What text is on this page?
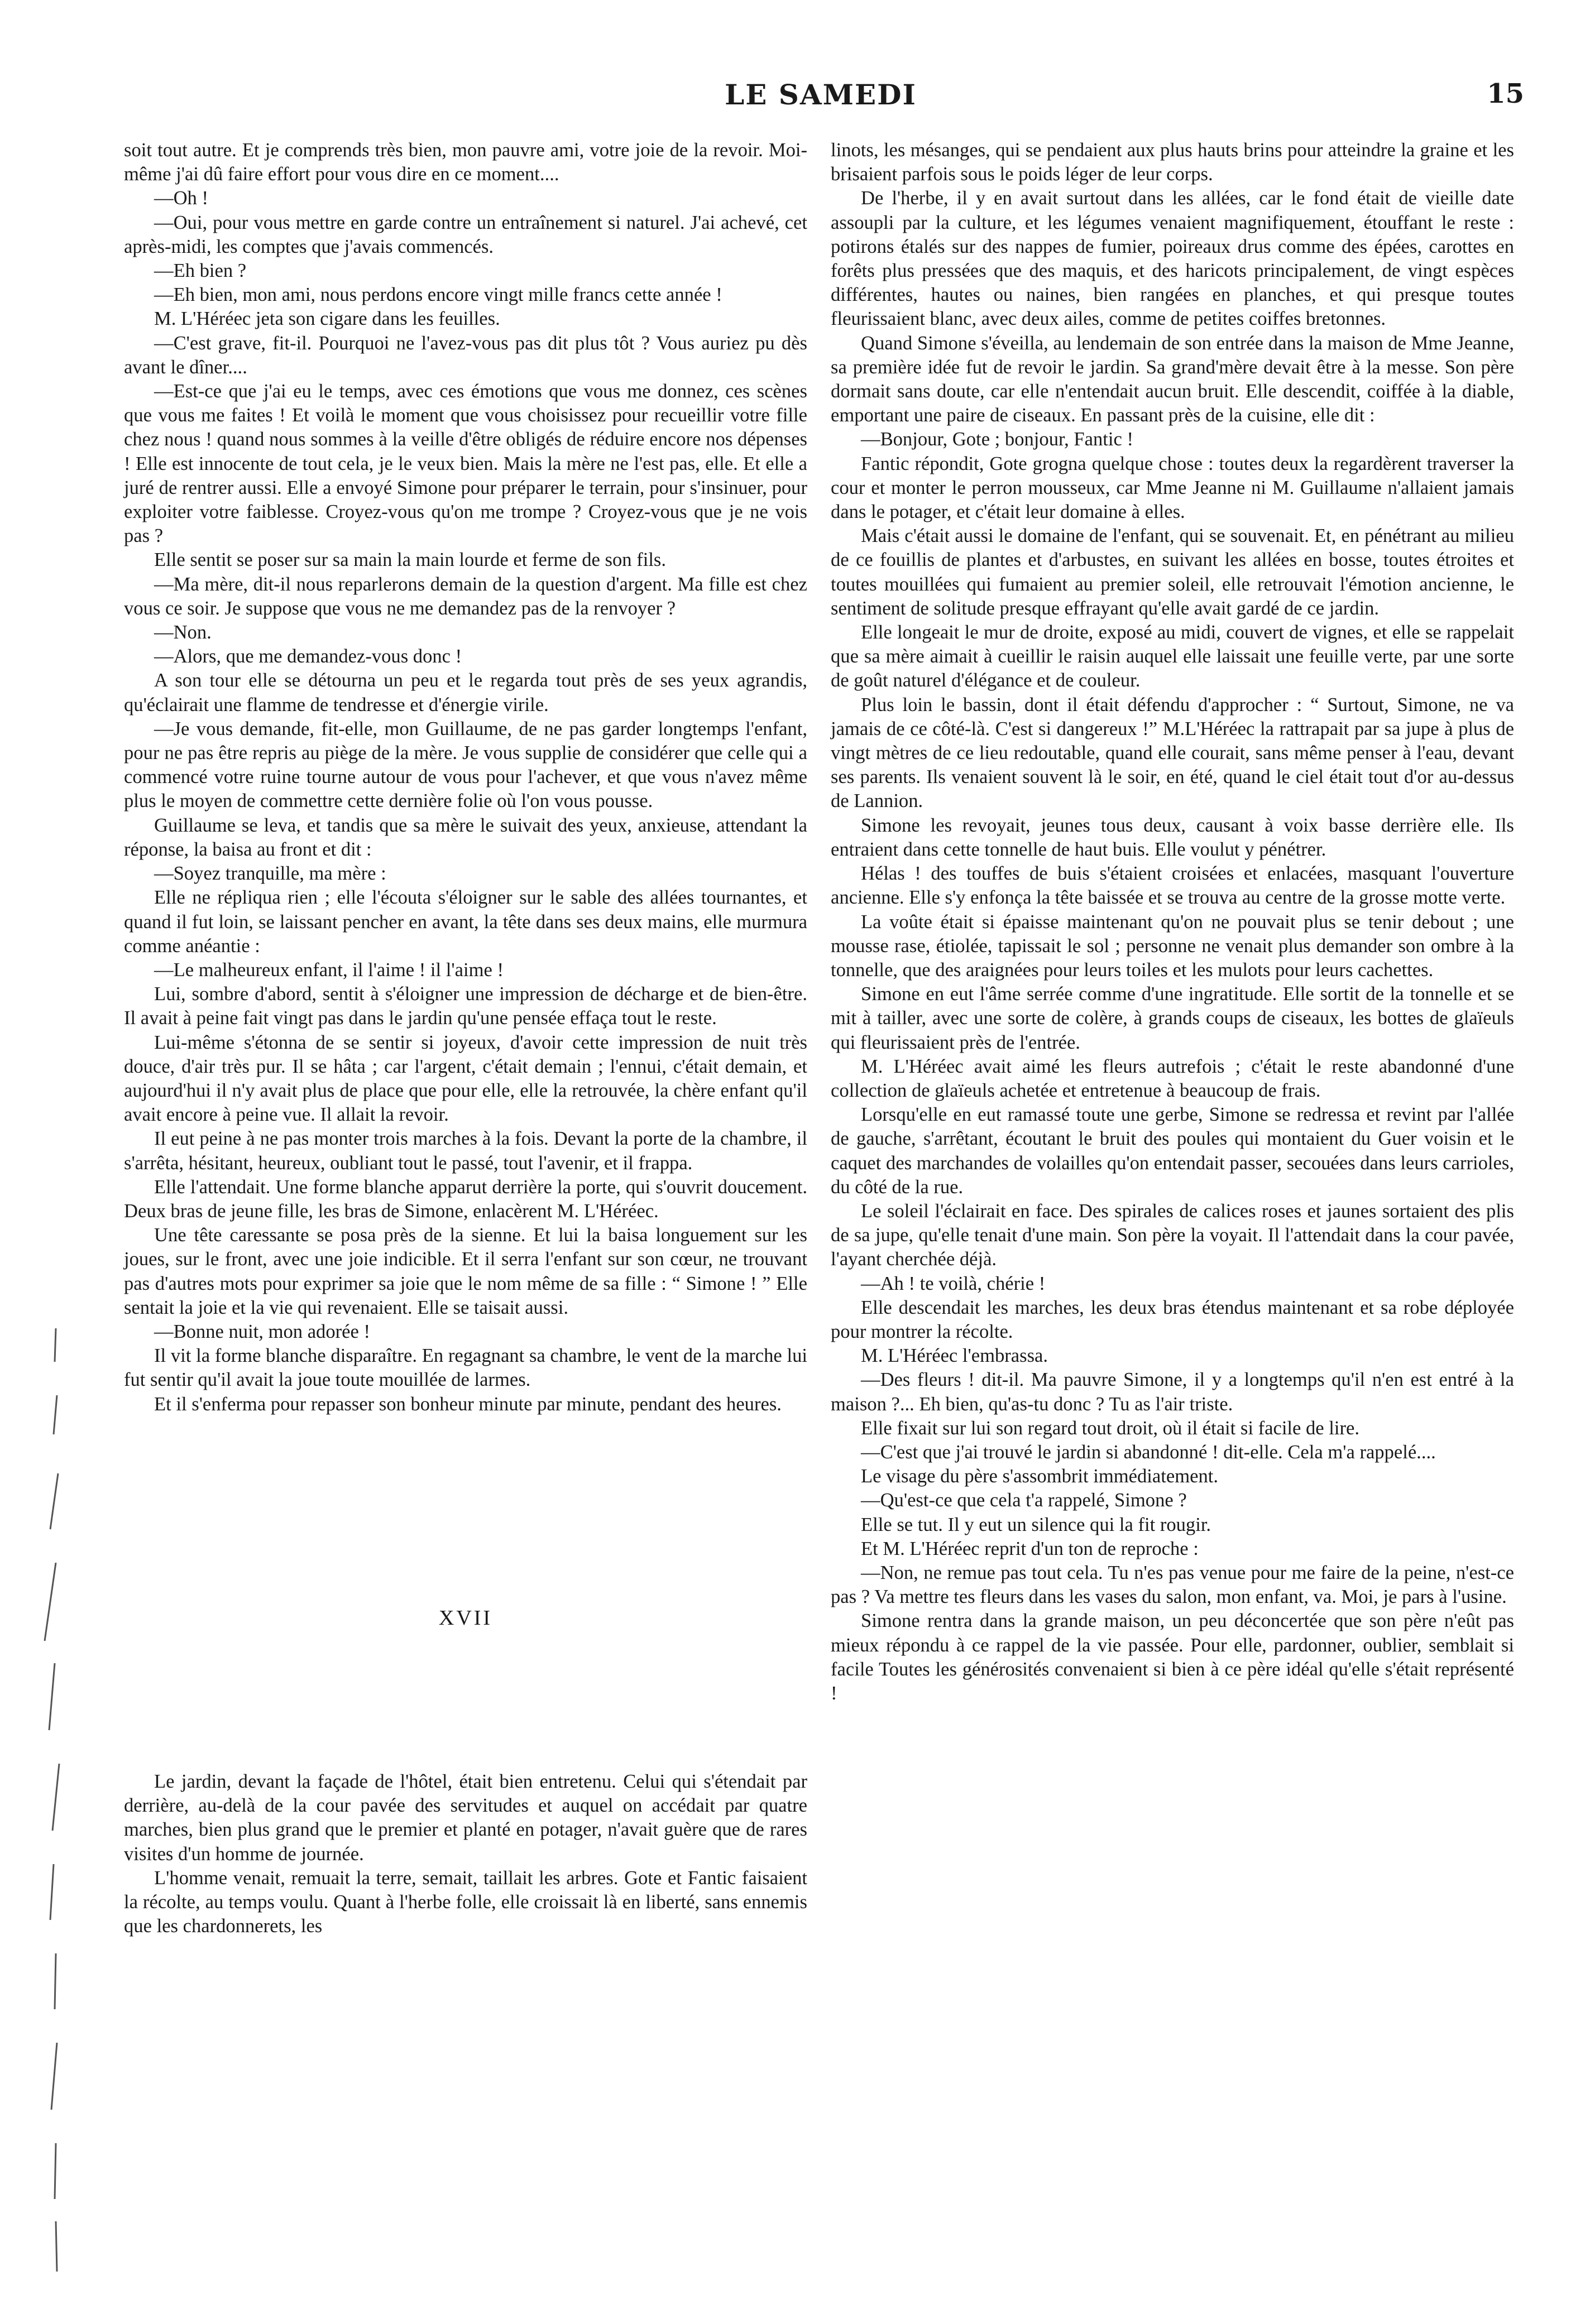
LE SAMEDI	15

soit tout autre. Et je comprends très bien, mon pauvre ami, votre joie de la revoir. Moi-même j'ai dû faire effort pour vous dire en ce moment....

—Oh !

—Oui, pour vous mettre en garde contre un entraînement si naturel. J'ai achevé, cet après-midi, les comptes que j'avais commencés.

—Eh bien ?

—Eh bien, mon ami, nous perdons encore vingt mille francs cette année !

M. L'Héréec jeta son cigare dans les feuilles.

—C'est grave, fit-il. Pourquoi ne l'avez-vous pas dit plus tôt ? Vous auriez pu dès avant le dîner....

—Est-ce que j'ai eu le temps, avec ces émotions que vous me donnez, ces scènes que vous me faites ! Et voilà le moment que vous choisissez pour recueillir votre fille chez nous ! quand nous sommes à la veille d'être obligés de réduire encore nos dépenses ! Elle est innocente de tout cela, je le veux bien. Mais la mère ne l'est pas, elle. Et elle a juré de rentrer aussi. Elle a envoyé Simone pour préparer le terrain, pour s'insinuer, pour exploiter votre faiblesse. Croyez-vous qu'on me trompe ? Croyez-vous que je ne vois pas ?

Elle sentit se poser sur sa main la main lourde et ferme de son fils.

—Ma mère, dit-il nous reparlerons demain de la question d'argent. Ma fille est chez vous ce soir. Je suppose que vous ne me demandez pas de la renvoyer ?

—Non.

—Alors, que me demandez-vous donc !

A son tour elle se détourna un peu et le regarda tout près de ses yeux agrandis, qu'éclairait une flamme de tendresse et d'énergie virile.

—Je vous demande, fit-elle, mon Guillaume, de ne pas garder longtemps l'enfant, pour ne pas être repris au piège de la mère. Je vous supplie de considérer que celle qui a commencé votre ruine tourne autour de vous pour l'achever, et que vous n'avez même plus le moyen de commettre cette dernière folie où l'on vous pousse.

Guillaume se leva, et tandis que sa mère le suivait des yeux, anxieuse, attendant la réponse, la baisa au front et dit :

—Soyez tranquille, ma mère :

Elle ne répliqua rien ; elle l'écouta s'éloigner sur le sable des allées tournantes, et quand il fut loin, se laissant pencher en avant, la tête dans ses deux mains, elle murmura comme anéantie :

—Le malheureux enfant, il l'aime ! il l'aime !

Lui, sombre d'abord, sentit à s'éloigner une impression de décharge et de bien-être. Il avait à peine fait vingt pas dans le jardin qu'une pensée effaça tout le reste.

Lui-même s'étonna de se sentir si joyeux, d'avoir cette impression de nuit très douce, d'air très pur. Il se hâta ; car l'argent, c'était demain ; l'ennui, c'était demain, et aujourd'hui il n'y avait plus de place que pour elle, elle la retrouvée, la chère enfant qu'il avait encore à peine vue. Il allait la revoir.

Il eut peine à ne pas monter trois marches à la fois. Devant la porte de la chambre, il s'arrêta, hésitant, heureux, oubliant tout le passé, tout l'avenir, et il frappa.

Elle l'attendait. Une forme blanche apparut derrière la porte, qui s'ouvrit doucement. Deux bras de jeune fille, les bras de Simone, enlacèrent M. L'Héréec.

Une tête caressante se posa près de la sienne. Et lui la baisa longuement sur les joues, sur le front, avec une joie indicible. Et il serra l'enfant sur son cœur, ne trouvant pas d'autres mots pour exprimer sa joie que le nom même de sa fille : “ Simone ! ” Elle sentait la joie et la vie qui revenaient. Elle se taisait aussi.

—Bonne nuit, mon adorée !

Il vit la forme blanche disparaître. En regagnant sa chambre, le vent de la marche lui fut sentir qu'il avait la joue toute mouillée de larmes.

Et il s'enferma pour repasser son bonheur minute par minute, pendant des heures.

XVII

Le jardin, devant la façade de l'hôtel, était bien entretenu. Celui qui s'étendait par derrière, au-delà de la cour pavée des servitudes et auquel on accédait par quatre marches, bien plus grand que le premier et planté en potager, n'avait guère que de rares visites d'un homme de journée.

L'homme venait, remuait la terre, semait, taillait les arbres. Gote et Fantic faisaient la récolte, au temps voulu. Quant à l'herbe folle, elle croissait là en liberté, sans ennemis que les chardonnerets, les

linots, les mésanges, qui se pendaient aux plus hauts brins pour atteindre la graine et les brisaient parfois sous le poids léger de leur corps.

De l'herbe, il y en avait surtout dans les allées, car le fond était de vieille date assoupli par la culture, et les légumes venaient magnifiquement, étouffant le reste : potirons étalés sur des nappes de fumier, poireaux drus comme des épées, carottes en forêts plus pressées que des maquis, et des haricots principalement, de vingt espèces différentes, hautes ou naines, bien rangées en planches, et qui presque toutes fleurissaient blanc, avec deux ailes, comme de petites coiffes bretonnes.

Quand Simone s'éveilla, au lendemain de son entrée dans la maison de Mme Jeanne, sa première idée fut de revoir le jardin. Sa grand'mère devait être à la messe. Son père dormait sans doute, car elle n'entendait aucun bruit. Elle descendit, coiffée à la diable, emportant une paire de ciseaux. En passant près de la cuisine, elle dit :

—Bonjour, Gote ; bonjour, Fantic !

Fantic répondit, Gote grogna quelque chose : toutes deux la regardèrent traverser la cour et monter le perron mousseux, car Mme Jeanne ni M. Guillaume n'allaient jamais dans le potager, et c'était leur domaine à elles.

Mais c'était aussi le domaine de l'enfant, qui se souvenait. Et, en pénétrant au milieu de ce fouillis de plantes et d'arbustes, en suivant les allées en bosse, toutes étroites et toutes mouillées qui fumaient au premier soleil, elle retrouvait l'émotion ancienne, le sentiment de solitude presque effrayant qu'elle avait gardé de ce jardin.

Elle longeait le mur de droite, exposé au midi, couvert de vignes, et elle se rappelait que sa mère aimait à cueillir le raisin auquel elle laissait une feuille verte, par une sorte de goût naturel d'élégance et de couleur.

Plus loin le bassin, dont il était défendu d'approcher : “ Surtout, Simone, ne va jamais de ce côté-là. C'est si dangereux !” M.L'Héréec la rattrapait par sa jupe à plus de vingt mètres de ce lieu redoutable, quand elle courait, sans même penser à l'eau, devant ses parents. Ils venaient souvent là le soir, en été, quand le ciel était tout d'or au-dessus de Lannion.

Simone les revoyait, jeunes tous deux, causant à voix basse derrière elle. Ils entraient dans cette tonnelle de haut buis. Elle voulut y pénétrer.

Hélas ! des touffes de buis s'étaient croisées et enlacées, masquant l'ouverture ancienne. Elle s'y enfonça la tête baissée et se trouva au centre de la grosse motte verte.

La voûte était si épaisse maintenant qu'on ne pouvait plus se tenir debout ; une mousse rase, étiolée, tapissait le sol ; personne ne venait plus demander son ombre à la tonnelle, que des araignées pour leurs toiles et les mulots pour leurs cachettes.

Simone en eut l'âme serrée comme d'une ingratitude. Elle sortit de la tonnelle et se mit à tailler, avec une sorte de colère, à grands coups de ciseaux, les bottes de glaïeuls qui fleurissaient près de l'entrée.

M. L'Héréec avait aimé les fleurs autrefois ; c'était le reste abandonné d'une collection de glaïeuls achetée et entretenue à beaucoup de frais.

Lorsqu'elle en eut ramassé toute une gerbe, Simone se redressa et revint par l'allée de gauche, s'arrêtant, écoutant le bruit des poules qui montaient du Guer voisin et le caquet des marchandes de volailles qu'on entendait passer, secouées dans leurs carrioles, du côté de la rue.

Le soleil l'éclairait en face. Des spirales de calices roses et jaunes sortaient des plis de sa jupe, qu'elle tenait d'une main. Son père la voyait. Il l'attendait dans la cour pavée, l'ayant cherchée déjà.

—Ah ! te voilà, chérie !

Elle descendait les marches, les deux bras étendus maintenant et sa robe déployée pour montrer la récolte.

M. L'Héréec l'embrassa.

—Des fleurs ! dit-il. Ma pauvre Simone, il y a longtemps qu'il n'en est entré à la maison ?... Eh bien, qu'as-tu donc ? Tu as l'air triste.

Elle fixait sur lui son regard tout droit, où il était si facile de lire.

—C'est que j'ai trouvé le jardin si abandonné ! dit-elle. Cela m'a rappelé....

Le visage du père s'assombrit immédiatement.

—Qu'est-ce que cela t'a rappelé, Simone ?

Elle se tut. Il y eut un silence qui la fit rougir.

Et M. L'Héréec reprit d'un ton de reproche :

—Non, ne remue pas tout cela. Tu n'es pas venue pour me faire de la peine, n'est-ce pas ? Va mettre tes fleurs dans les vases du salon, mon enfant, va. Moi, je pars à l'usine.

Simone rentra dans la grande maison, un peu déconcertée que son père n'eût pas mieux répondu à ce rappel de la vie passée. Pour elle, pardonner, oublier, semblait si facile Toutes les générosités convenaient si bien à ce père idéal qu'elle s'était représenté !
